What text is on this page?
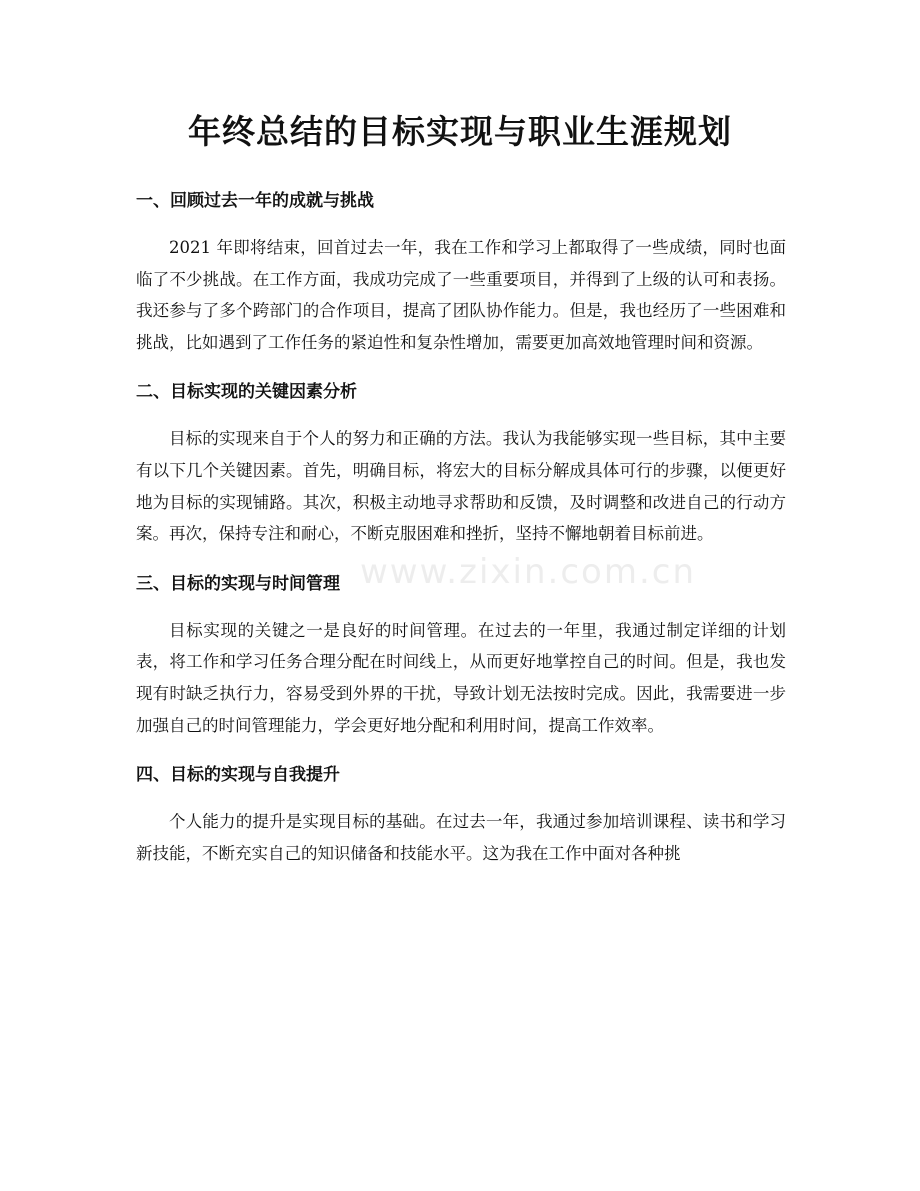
年终总结的目标实现与职业生涯规划
www.zixin.com.cn
一、回顾过去一年的成就与挑战

2021 年即将结束，回首过去一年，我在工作和学习上都取得了一些成绩，同时也面临了不少挑战。在工作方面，我成功完成了一些重要项目，并得到了上级的认可和表扬。我还参与了多个跨部门的合作项目，提高了团队协作能力。但是，我也经历了一些困难和挑战，比如遇到了工作任务的紧迫性和复杂性增加，需要更加高效地管理时间和资源。

二、目标实现的关键因素分析

目标的实现来自于个人的努力和正确的方法。我认为我能够实现一些目标，其中主要有以下几个关键因素。首先，明确目标，将宏大的目标分解成具体可行的步骤，以便更好地为目标的实现铺路。其次，积极主动地寻求帮助和反馈，及时调整和改进自己的行动方案。再次，保持专注和耐心，不断克服困难和挫折，坚持不懈地朝着目标前进。

三、目标的实现与时间管理

目标实现的关键之一是良好的时间管理。在过去的一年里，我通过制定详细的计划表，将工作和学习任务合理分配在时间线上，从而更好地掌控自己的时间。但是，我也发现有时缺乏执行力，容易受到外界的干扰，导致计划无法按时完成。因此，我需要进一步加强自己的时间管理能力，学会更好地分配和利用时间，提高工作效率。

四、目标的实现与自我提升

个人能力的提升是实现目标的基础。在过去一年，我通过参加培训课程、读书和学习新技能，不断充实自己的知识储备和技能水平。这为我在工作中面对各种挑
